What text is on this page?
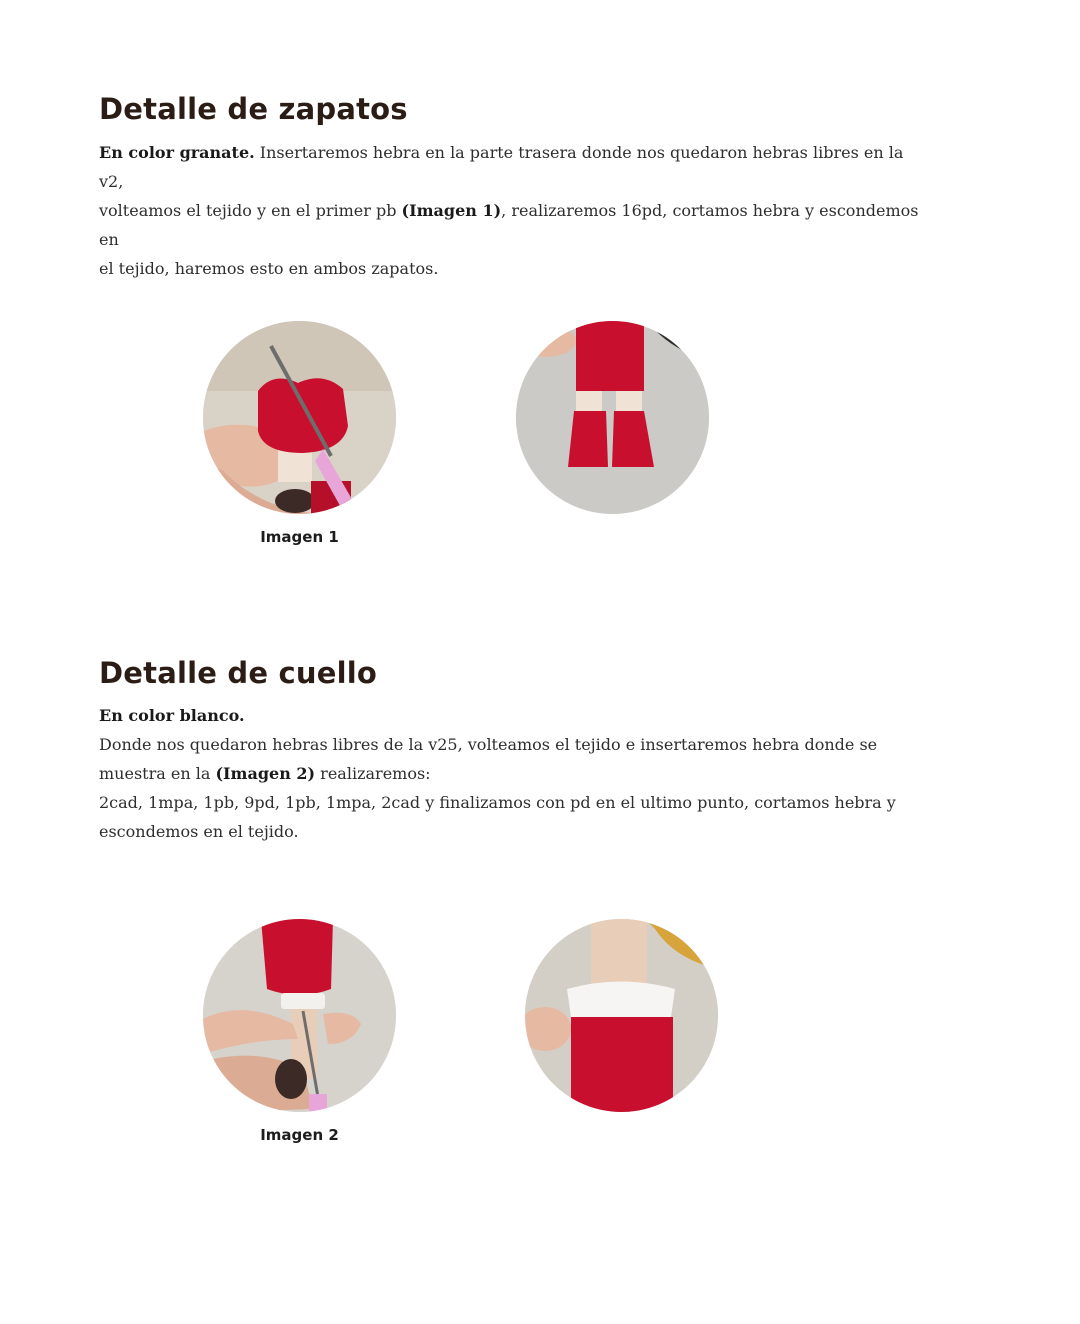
Detalle de zapatos

En color granate. Insertaremos hebra en la parte trasera donde nos quedaron hebras libres en la v2,
volteamos el tejido y en el primer pb (Imagen 1), realizaremos 16pd, cortamos hebra y escondemos en
el tejido, haremos esto en ambos zapatos.

Imagen 1
Detalle de cuello

En color blanco.
Donde nos quedaron hebras libres de la v25, volteamos el tejido e insertaremos hebra donde se
muestra en la (Imagen 2) realizaremos:
2cad, 1mpa, 1pb, 9pd, 1pb, 1mpa, 2cad y finalizamos con pd en el ultimo punto, cortamos hebra y
escondemos en el tejido.

Imagen 2
